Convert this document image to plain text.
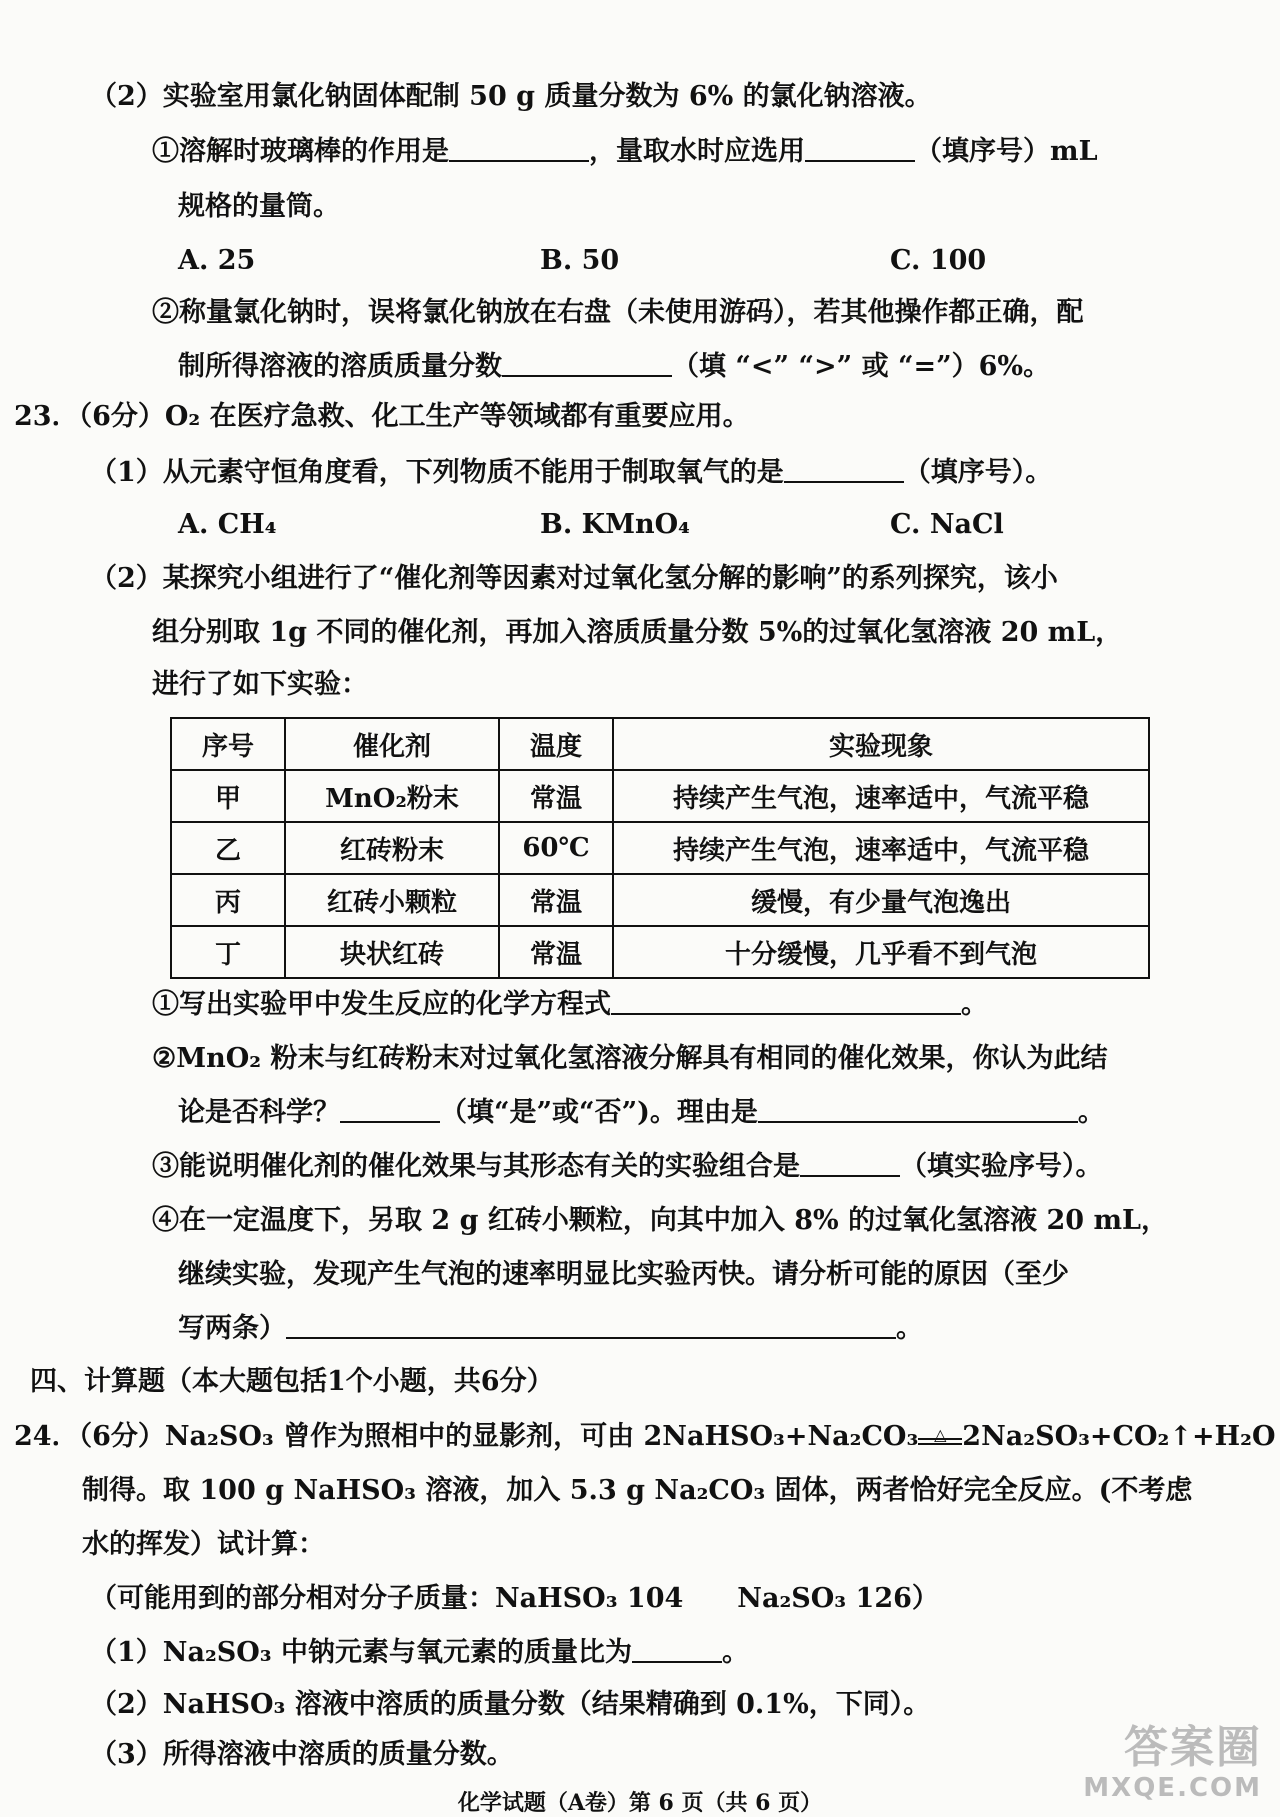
（2）实验室用氯化钠固体配制 50 g 质量分数为 6% 的氯化钠溶液。
①溶解时玻璃棒的作用是	，量取水时应选用	（填序号）mL
规格的量筒。
A. 25	B. 50	C. 100
②称量氯化钠时，误将氯化钠放在右盘（未使用游码），若其他操作都正确，配
制所得溶液的溶质质量分数	（填 “<” “>” 或 “=”）6%。
23．（6分）O₂ 在医疗急救、化工生产等领域都有重要应用。
（1）从元素守恒角度看，下列物质不能用于制取氧气的是	（填序号）。
A. CH₄	B. KMnO₄	C. NaCl
（2）某探究小组进行了“催化剂等因素对过氧化氢分解的影响”的系列探究，该小
组分别取 1g 不同的催化剂，再加入溶质质量分数 5%的过氧化氢溶液 20 mL，
进行了如下实验：
序号	催化剂	温度	实验现象
甲	MnO₂粉末	常温	持续产生气泡，速率适中，气流平稳
乙	红砖粉末	60℃	持续产生气泡，速率适中，气流平稳
丙	红砖小颗粒	常温	缓慢，有少量气泡逸出
丁	块状红砖	常温	十分缓慢，几乎看不到气泡
①写出实验甲中发生反应的化学方程式	。
②MnO₂ 粉末与红砖粉末对过氧化氢溶液分解具有相同的催化效果，你认为此结
论是否科学？	（填“是”或“否”)。理由是	。
③能说明催化剂的催化效果与其形态有关的实验组合是	（填实验序号）。
④在一定温度下，另取 2 g 红砖小颗粒，向其中加入 8% 的过氧化氢溶液 20 mL，
继续实验，发现产生气泡的速率明显比实验丙快。请分析可能的原因（至少
写两条）	。
四、计算题（本大题包括1个小题，共6分）
24．（6分）Na₂SO₃ 曾作为照相中的显影剂，可由 2NaHSO₃+Na₂CO₃ △ 2Na₂SO₃+CO₂↑+H₂O
制得。取 100 g NaHSO₃ 溶液，加入 5.3 g Na₂CO₃ 固体，两者恰好完全反应。(不考虑
水的挥发）试计算：
（可能用到的部分相对分子质量：NaHSO₃ 104　　Na₂SO₃ 126）
（1）Na₂SO₃ 中钠元素与氧元素的质量比为	。
（2）NaHSO₃ 溶液中溶质的质量分数（结果精确到 0.1%，下同）。
（3）所得溶液中溶质的质量分数。
化学试题（A卷）第 6 页（共 6 页）
答案圈
MXQE.COM
